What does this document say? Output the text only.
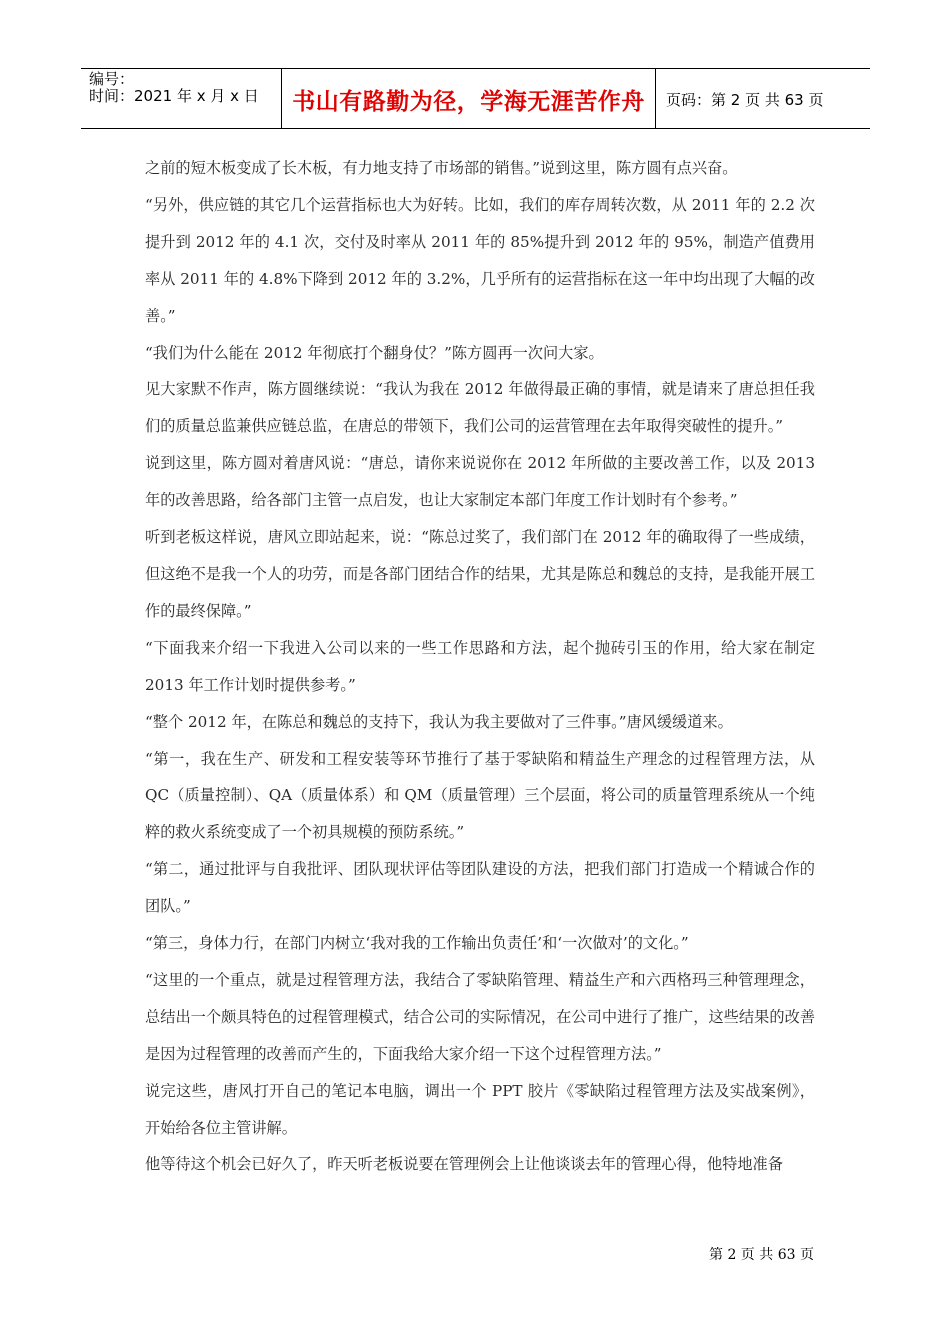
编号：
时间：2021 年 x 月 x 日	书山有路勤为径，学海无涯苦作舟	页码：第 2 页 共 63 页

之前的短木板变成了长木板，有力地支持了市场部的销售。”说到这里，陈方圆有点兴奋。

“另外，供应链的其它几个运营指标也大为好转。比如，我们的库存周转次数，从 2011 年的 2.2 次提升到 2012 年的 4.1 次，交付及时率从 2011 年的 85%提升到 2012 年的 95%，制造产值费用率从 2011 年的 4.8%下降到 2012 年的 3.2%，几乎所有的运营指标在这一年中均出现了大幅的改善。”

“我们为什么能在 2012 年彻底打个翻身仗？”陈方圆再一次问大家。

见大家默不作声，陈方圆继续说：“我认为我在 2012 年做得最正确的事情，就是请来了唐总担任我们的质量总监兼供应链总监，在唐总的带领下，我们公司的运营管理在去年取得突破性的提升。”

说到这里，陈方圆对着唐风说：“唐总，请你来说说你在 2012 年所做的主要改善工作，以及 2013 年的改善思路，给各部门主管一点启发，也让大家制定本部门年度工作计划时有个参考。”

听到老板这样说，唐风立即站起来，说：“陈总过奖了，我们部门在 2012 年的确取得了一些成绩，但这绝不是我一个人的功劳，而是各部门团结合作的结果，尤其是陈总和魏总的支持，是我能开展工作的最终保障。”

“下面我来介绍一下我进入公司以来的一些工作思路和方法，起个抛砖引玉的作用，给大家在制定 2013 年工作计划时提供参考。”

“整个 2012 年，在陈总和魏总的支持下，我认为我主要做对了三件事。”唐风缓缓道来。

“第一，我在生产、研发和工程安装等环节推行了基于零缺陷和精益生产理念的过程管理方法，从 QC（质量控制）、QA（质量体系）和 QM（质量管理）三个层面，将公司的质量管理系统从一个纯粹的救火系统变成了一个初具规模的预防系统。”

“第二，通过批评与自我批评、团队现状评估等团队建设的方法，把我们部门打造成一个精诚合作的团队。”

“第三，身体力行，在部门内树立‘我对我的工作输出负责任’和‘一次做对’的文化。”

“这里的一个重点，就是过程管理方法，我结合了零缺陷管理、精益生产和六西格玛三种管理理念，总结出一个颇具特色的过程管理模式，结合公司的实际情况，在公司中进行了推广，这些结果的改善是因为过程管理的改善而产生的，下面我给大家介绍一下这个过程管理方法。”

说完这些，唐风打开自己的笔记本电脑，调出一个 PPT 胶片《零缺陷过程管理方法及实战案例》，开始给各位主管讲解。

他等待这个机会已好久了，昨天听老板说要在管理例会上让他谈谈去年的管理心得，他特地准备

第 2 页 共 63 页
